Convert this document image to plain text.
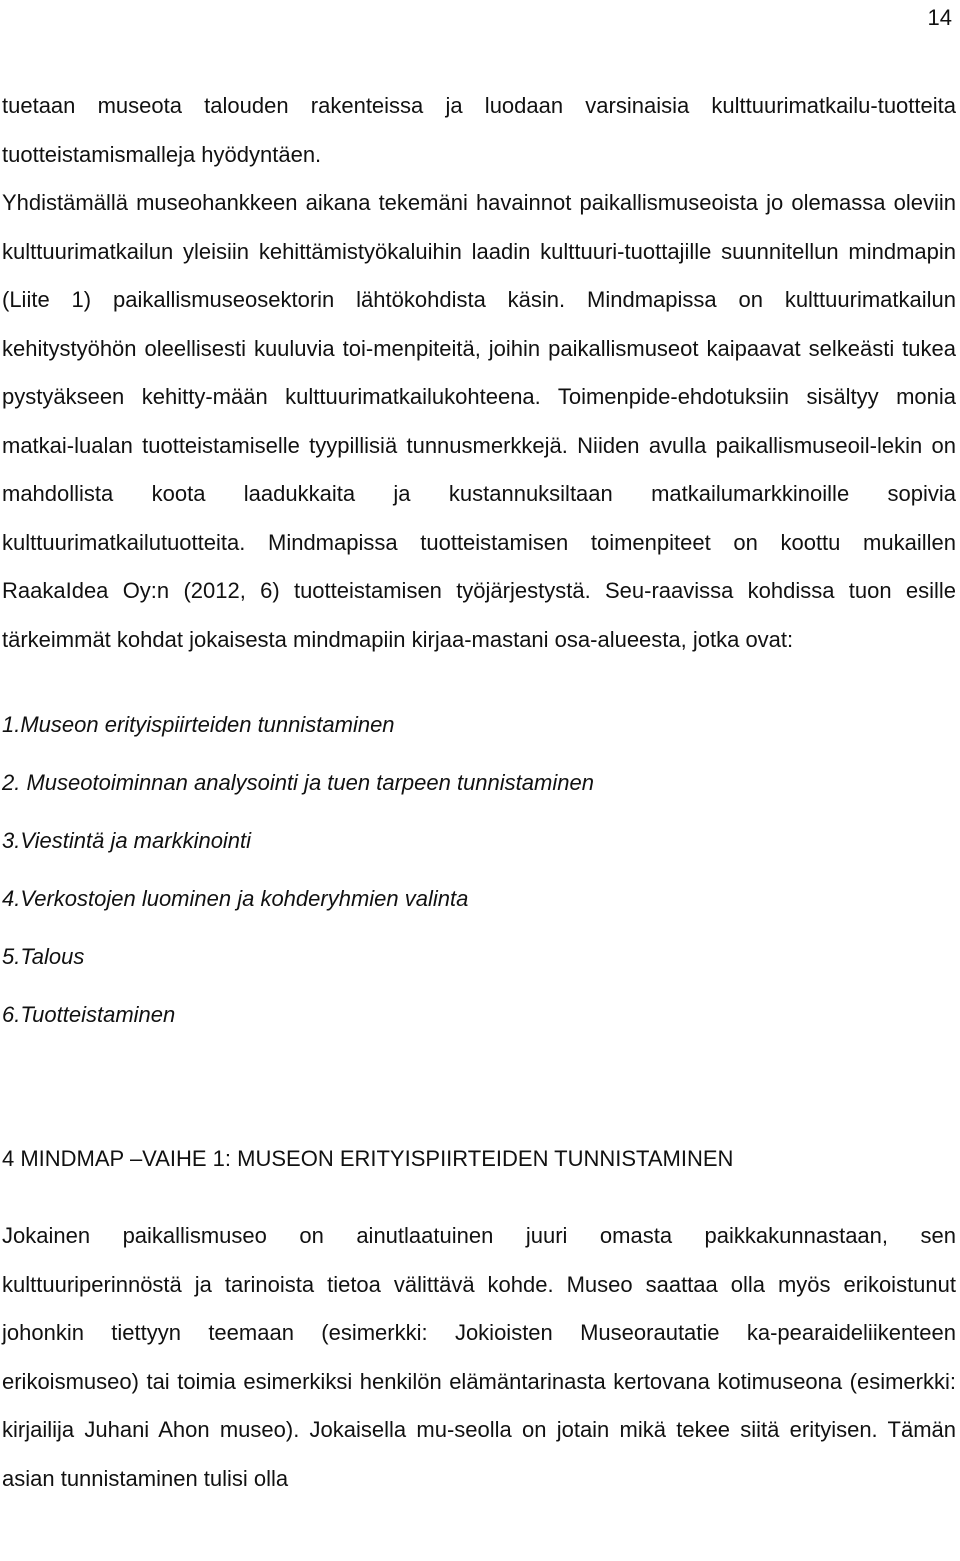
14

tuetaan museota talouden rakenteissa ja luodaan varsinaisia kulttuurimatkailu-tuotteita tuotteistamismalleja hyödyntäen.

Yhdistämällä museohankkeen aikana tekemäni havainnot paikallismuseoista jo olemassa oleviin kulttuurimatkailun yleisiin kehittämistyökaluihin laadin kulttuuri-tuottajille suunnitellun mindmapin (Liite 1) paikallismuseosektorin lähtökohdista käsin. Mindmapissa on kulttuurimatkailun kehitystyöhön oleellisesti kuuluvia toi-menpiteitä, joihin paikallismuseot kaipaavat selkeästi tukea pystyäkseen kehitty-mään kulttuurimatkailukohteena. Toimenpide-ehdotuksiin sisältyy monia matkai-lualan tuotteistamiselle tyypillisiä tunnusmerkkejä. Niiden avulla paikallismuseoil-lekin on mahdollista koota laadukkaita ja kustannuksiltaan matkailumarkkinoille sopivia kulttuurimatkailutuotteita. Mindmapissa tuotteistamisen toimenpiteet on koottu mukaillen RaakaIdea Oy:n (2012, 6) tuotteistamisen työjärjestystä. Seu-raavissa kohdissa tuon esille tärkeimmät kohdat jokaisesta mindmapiin kirjaa-mastani osa-alueesta, jotka ovat:

1.Museon erityispiirteiden tunnistaminen
2. Museotoiminnan analysointi ja tuen tarpeen tunnistaminen
3.Viestintä ja markkinointi
4.Verkostojen luominen ja kohderyhmien valinta
5.Talous
6.Tuotteistaminen
4 MINDMAP –VAIHE 1: MUSEON ERITYISPIIRTEIDEN TUNNISTAMINEN

Jokainen paikallismuseo on ainutlaatuinen juuri omasta paikkakunnastaan, sen kulttuuriperinnöstä ja tarinoista tietoa välittävä kohde. Museo saattaa olla myös erikoistunut johonkin tiettyyn teemaan (esimerkki: Jokioisten Museorautatie ka-pearaideliikenteen erikoismuseo) tai toimia esimerkiksi henkilön elämäntarinasta kertovana kotimuseona (esimerkki: kirjailija Juhani Ahon museo). Jokaisella mu-seolla on jotain mikä tekee siitä erityisen. Tämän asian tunnistaminen tulisi olla
